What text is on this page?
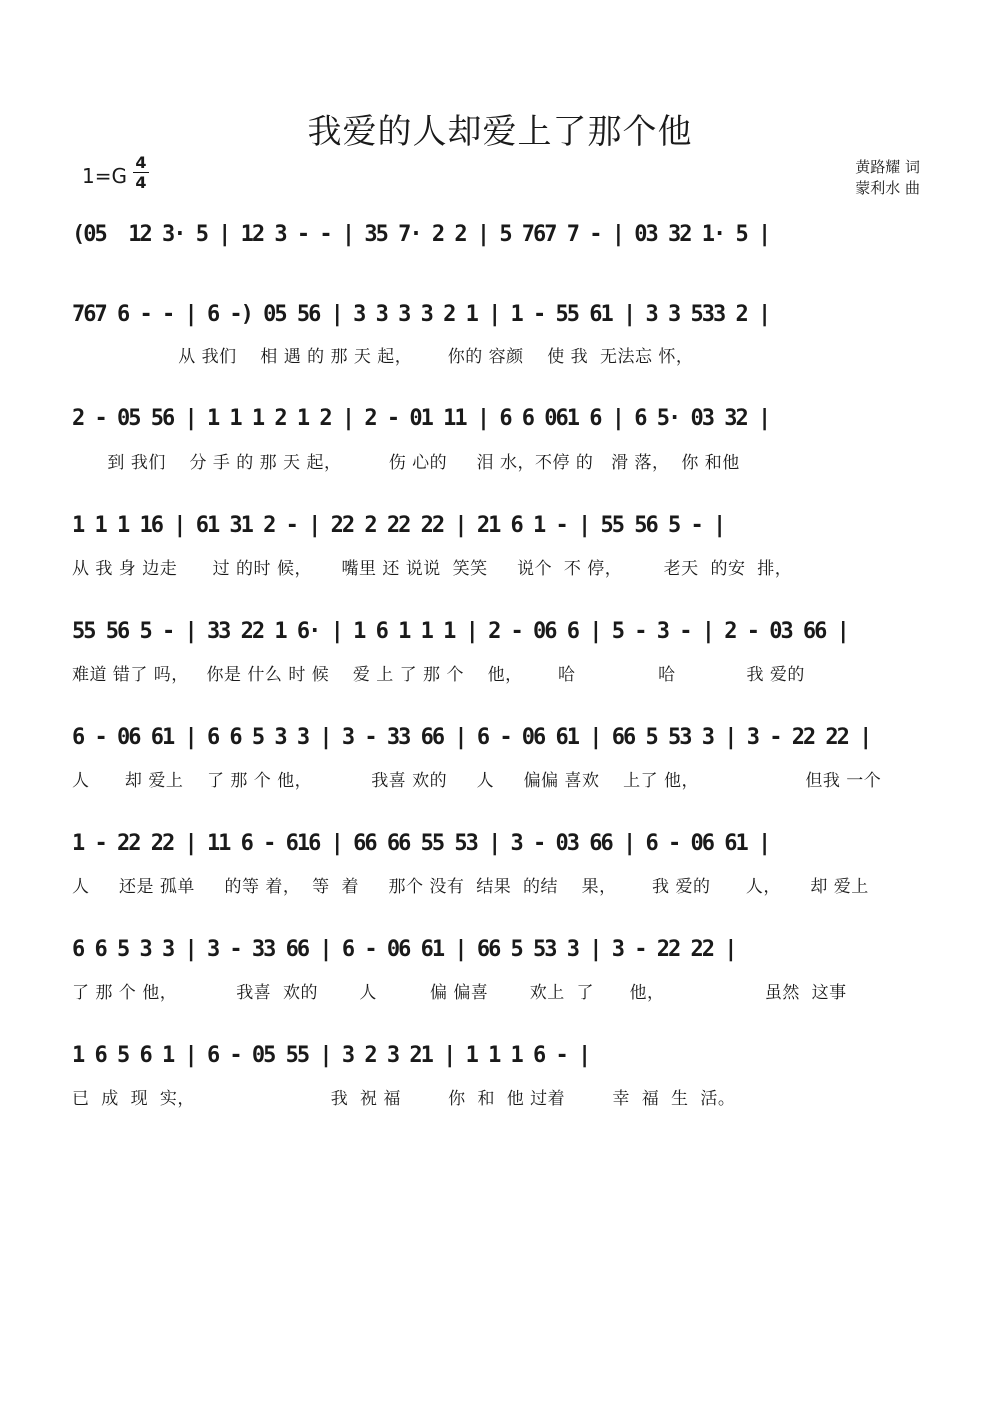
我爱的人却爱上了那个他
1=G
4
4
黄路耀 词
蒙利水 曲
(05  12 3· 5 | 12 3 - - | 35 7· 2 2 | 5 767 7 - | 03 32 1· 5 |
767 6 - - | 6 -) 05 56 | 3 3 3 3 2 1 | 1 - 55 61 | 3 3 533 2 |
从 我们    相 遇 的 那 天 起，      你的 容颜    使 我  无法忘 怀，
2 - 05 56 | 1 1 1 2 1 2 | 2 - 01 11 | 6 6 061 6 | 6 5· 03 32 |
到 我们    分 手 的 那 天 起，        伤 心的     泪 水，不停 的   滑 落，  你 和他
1 1 1 16 | 61 31 2 - | 22 2 22 22 | 21 6 1 - | 55 56 5 - |
从 我 身 边走      过 的时 候，     嘴里 还 说说  笑笑     说个  不 停，       老天  的安  排，
55 56 5 - | 33 22 1 6· | 1 6 1 1 1 | 2 - 06 6 | 5 - 3 - | 2 - 03 66 |
难道 错了 吗，   你是 什么 时 候    爱 上 了 那 个    他，      哈              哈            我 爱的
6 - 06 61 | 6 6 5 3 3 | 3 - 33 66 | 6 - 06 61 | 66 5 53 3 | 3 - 22 22 |
人      却 爱上    了 那 个 他，          我喜 欢的     人     偏偏 喜欢    上了 他，                  但我 一个
1 - 22 22 | 11 6 - 616 | 66 66 55 53 | 3 - 03 66 | 6 - 06 61 |
人     还是 孤单     的等 着，  等  着     那个 没有  结果  的结    果，      我 爱的      人，     却 爱上
6 6 5 3 3 | 3 - 33 66 | 6 - 06 61 | 66 5 53 3 | 3 - 22 22 |
了 那 个 他，          我喜  欢的       人         偏 偏喜       欢上  了      他，                 虽然  这事
1 6 5 6 1 | 6 - 05 55 | 3 2 3 21 | 1 1 1 6 - |
已  成  现  实，                       我  祝 福        你  和  他 过着        幸  福  生  活。
